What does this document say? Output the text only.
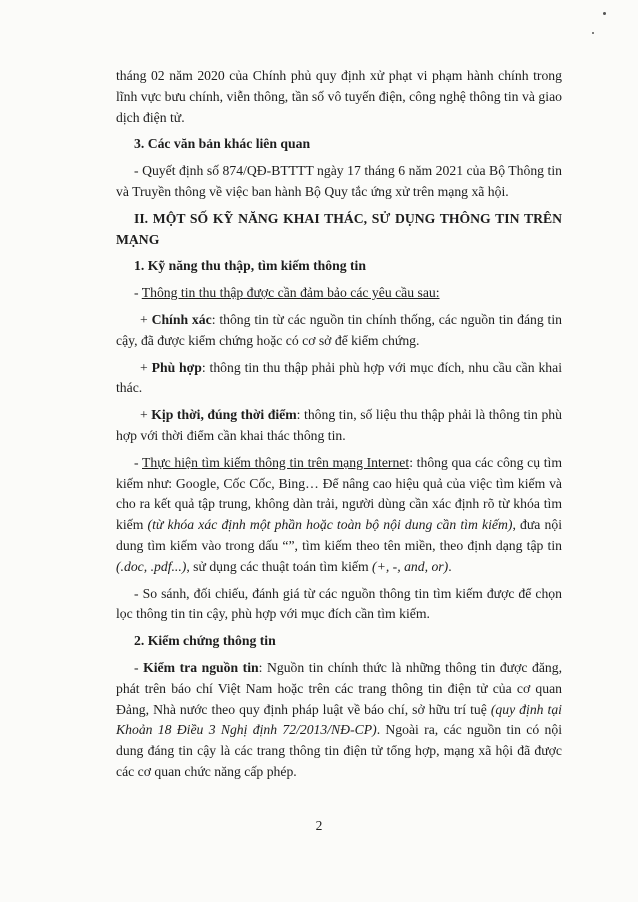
tháng 02 năm 2020 của Chính phủ quy định xử phạt vi phạm hành chính trong lĩnh vực bưu chính, viễn thông, tần số vô tuyến điện, công nghệ thông tin và giao dịch điện tử.

3. Các văn bản khác liên quan

- Quyết định số 874/QĐ-BTTTT ngày 17 tháng 6 năm 2021 của Bộ Thông tin và Truyền thông về việc ban hành Bộ Quy tắc ứng xử trên mạng xã hội.

II. MỘT SỐ KỸ NĂNG KHAI THÁC, SỬ DỤNG THÔNG TIN TRÊN MẠNG

1. Kỹ năng thu thập, tìm kiếm thông tin

- Thông tin thu thập được cần đảm bảo các yêu cầu sau:

+ Chính xác: thông tin từ các nguồn tin chính thống, các nguồn tin đáng tin cậy, đã được kiểm chứng hoặc có cơ sở để kiểm chứng.

+ Phù hợp: thông tin thu thập phải phù hợp với mục đích, nhu cầu cần khai thác.

+ Kịp thời, đúng thời điểm: thông tin, số liệu thu thập phải là thông tin phù hợp với thời điểm cần khai thác thông tin.

- Thực hiện tìm kiếm thông tin trên mạng Internet: thông qua các công cụ tìm kiếm như: Google, Cốc Cốc, Bing… Để nâng cao hiệu quả của việc tìm kiếm và cho ra kết quả tập trung, không dàn trải, người dùng cần xác định rõ từ khóa tìm kiếm (từ khóa xác định một phần hoặc toàn bộ nội dung cần tìm kiếm), đưa nội dung tìm kiếm vào trong dấu “”, tìm kiếm theo tên miền, theo định dạng tập tin (.doc, .pdf...), sử dụng các thuật toán tìm kiếm (+, -, and, or).

- So sánh, đối chiếu, đánh giá từ các nguồn thông tin tìm kiếm được để chọn lọc thông tin tin cậy, phù hợp với mục đích cần tìm kiếm.

2. Kiểm chứng thông tin

- Kiểm tra nguồn tin: Nguồn tin chính thức là những thông tin được đăng, phát trên báo chí Việt Nam hoặc trên các trang thông tin điện tử của cơ quan Đảng, Nhà nước theo quy định pháp luật về báo chí, sở hữu trí tuệ (quy định tại Khoản 18 Điều 3 Nghị định 72/2013/NĐ-CP). Ngoài ra, các nguồn tin có nội dung đáng tin cậy là các trang thông tin điện tử tổng hợp, mạng xã hội đã được các cơ quan chức năng cấp phép.

2
